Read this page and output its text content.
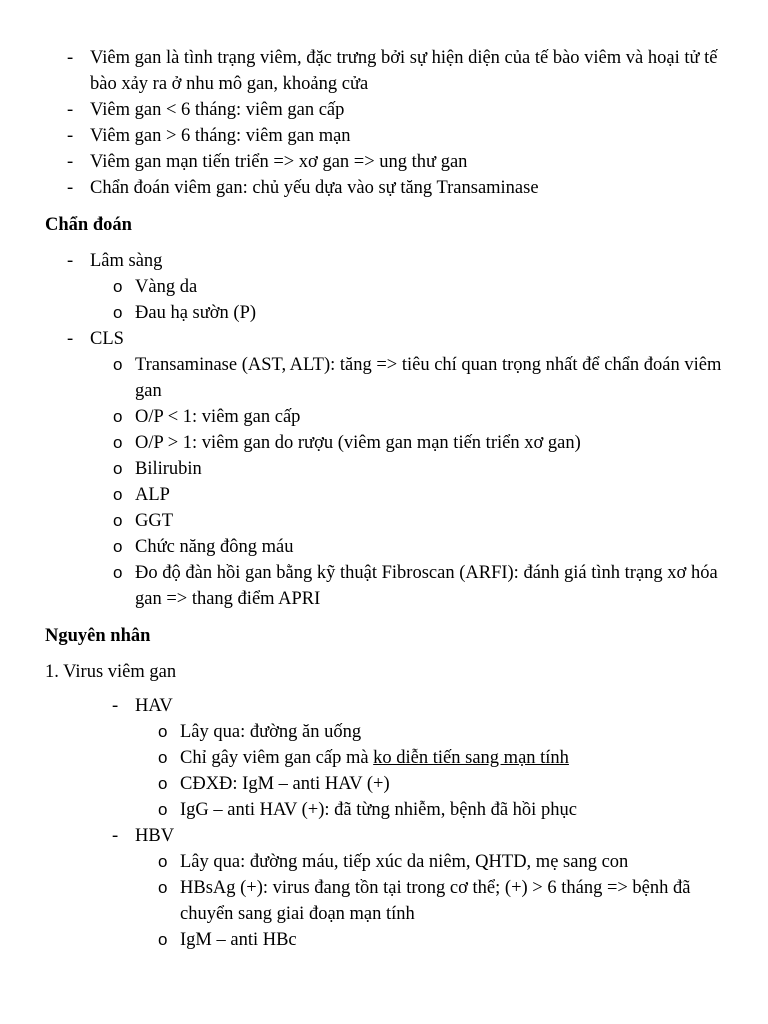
- Viêm gan là tình trạng viêm, đặc trưng bởi sự hiện diện của tế bào viêm và hoại tử tế bào xảy ra ở nhu mô gan, khoảng cửa
- Viêm gan < 6 tháng: viêm gan cấp
- Viêm gan > 6 tháng: viêm gan mạn
- Viêm gan mạn tiến triển => xơ gan => ung thư gan
- Chẩn đoán viêm gan: chủ yếu dựa vào sự tăng Transaminase
Chẩn đoán
- Lâm sàng
o Vàng da
o Đau hạ sườn (P)
- CLS
o Transaminase (AST, ALT): tăng => tiêu chí quan trọng nhất để chẩn đoán viêm gan
o O/P < 1: viêm gan cấp
o O/P > 1: viêm gan do rượu (viêm gan mạn tiến triển xơ gan)
o Bilirubin
o ALP
o GGT
o Chức năng đông máu
o Đo độ đàn hồi gan bằng kỹ thuật Fibroscan (ARFI): đánh giá tình trạng xơ hóa gan => thang điểm APRI
Nguyên nhân
1. Virus viêm gan
- HAV
o Lây qua: đường ăn uống
o Chỉ gây viêm gan cấp mà ko diễn tiến sang mạn tính
o CĐXĐ: IgM – anti HAV (+)
o IgG – anti HAV (+): đã từng nhiễm, bệnh đã hồi phục
- HBV
o Lây qua: đường máu, tiếp xúc da niêm, QHTD, mẹ sang con
o HBsAg (+): virus đang tồn tại trong cơ thể; (+) > 6 tháng => bệnh đã chuyển sang giai đoạn mạn tính
o IgM – anti HBc
